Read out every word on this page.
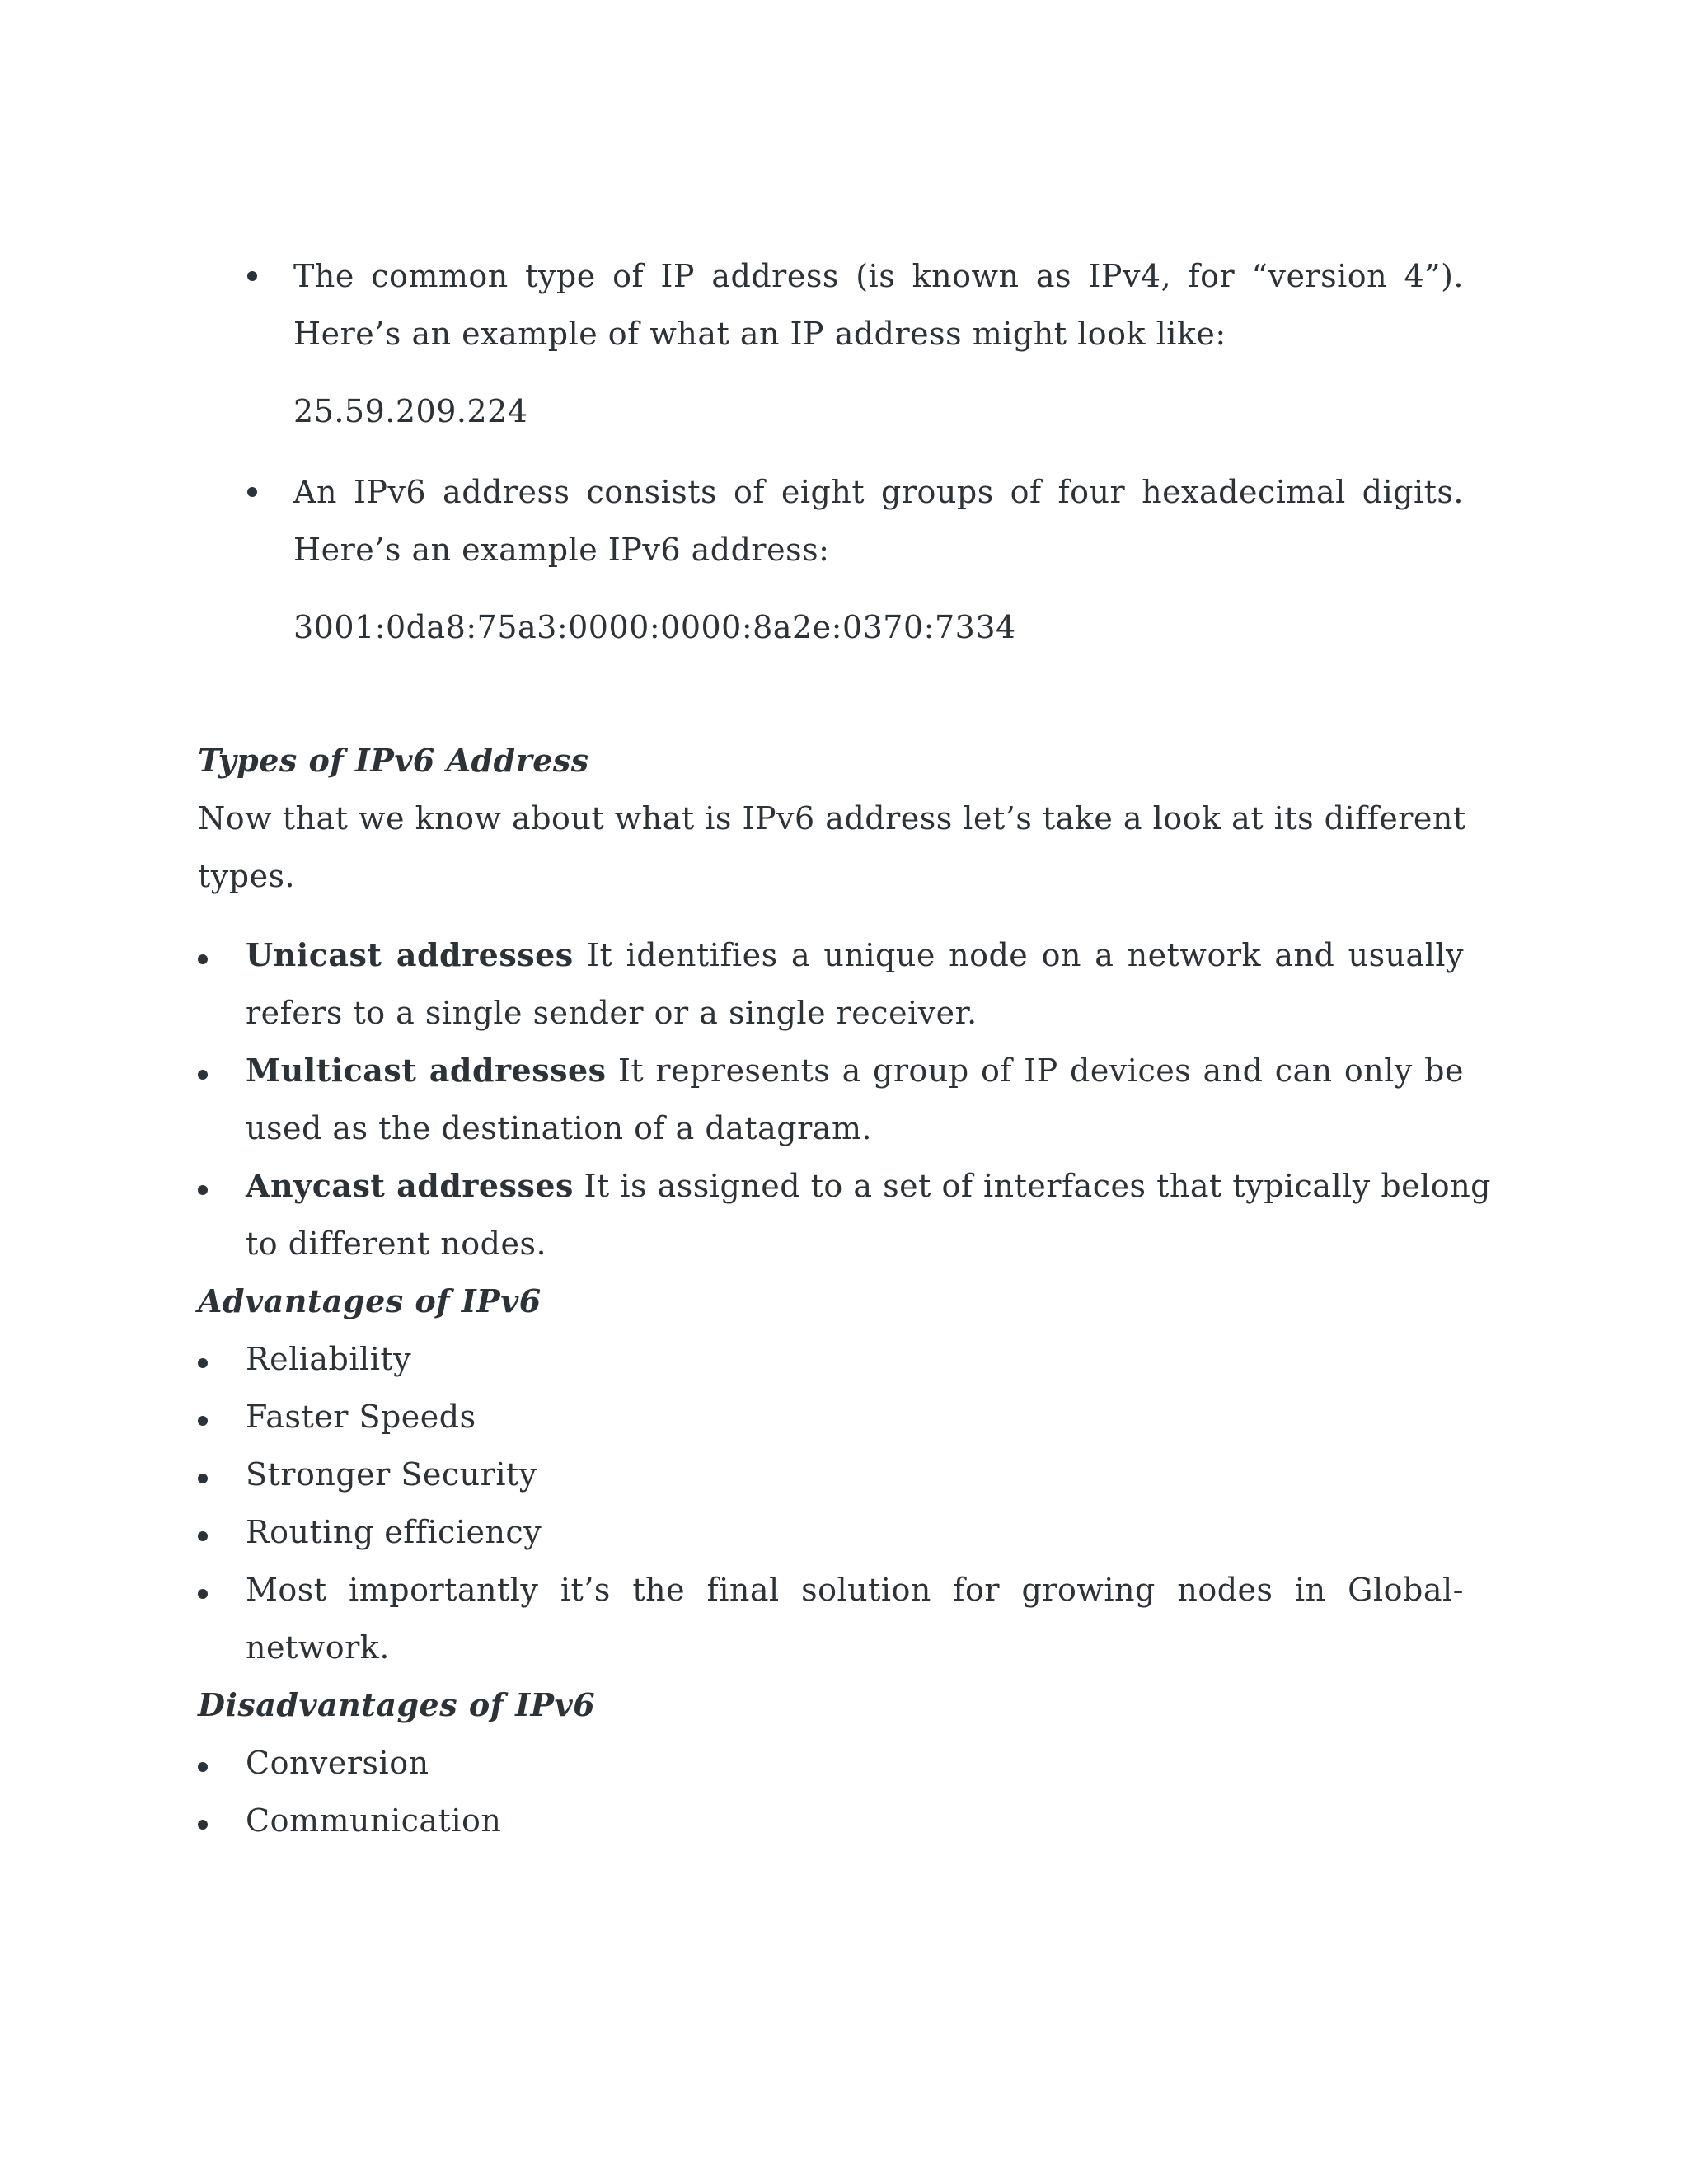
The common type of IP address (is known as IPv4, for “version 4”).
Here’s an example of what an IP address might look like:
25.59.209.224
An IPv6 address consists of eight groups of four hexadecimal digits.
Here’s an example IPv6 address:
3001:0da8:75a3:0000:0000:8a2e:0370:7334
Types of IPv6 Address
Now that we know about what is IPv6 address let’s take a look at its different
types.
Unicast addresses It identifies a unique node on a network and usually
refers to a single sender or a single receiver.
Multicast addresses It represents a group of IP devices and can only be
used as the destination of a datagram.
Anycast addresses It is assigned to a set of interfaces that typically belong
to different nodes.
Advantages of IPv6
Reliability
Faster Speeds
Stronger Security
Routing efficiency
Most importantly it’s the final solution for growing nodes in Global-
network.
Disadvantages of IPv6
Conversion
Communication
